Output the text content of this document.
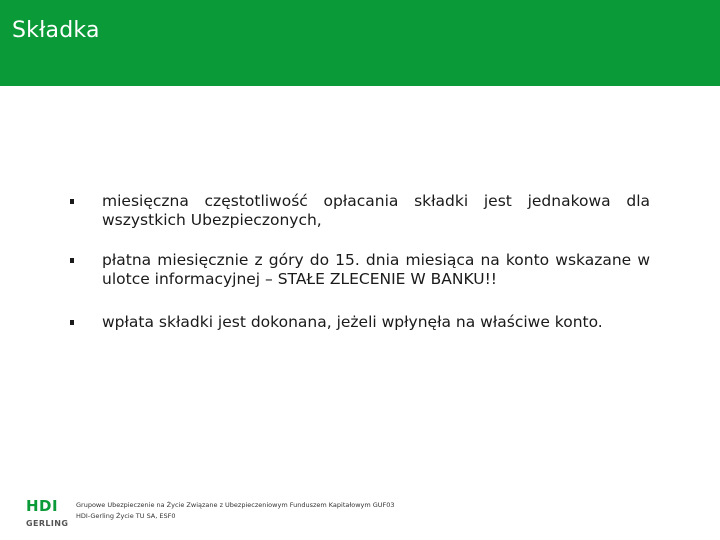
Składka
miesięczna częstotliwość opłacania składki jest jednakowa dla wszystkich Ubezpieczonych,
płatna miesięcznie z góry do 15. dnia miesiąca na konto wskazane w ulotce informacyjnej – STAŁE ZLECENIE W BANKU!!
wpłata składki jest dokonana, jeżeli wpłynęła na właściwe konto.
HDI
GERLING
Grupowe Ubezpieczenie na Życie Związane z Ubezpieczeniowym Funduszem Kapitałowym GUF03
HDI-Gerling Życie TU SA, ESF0
